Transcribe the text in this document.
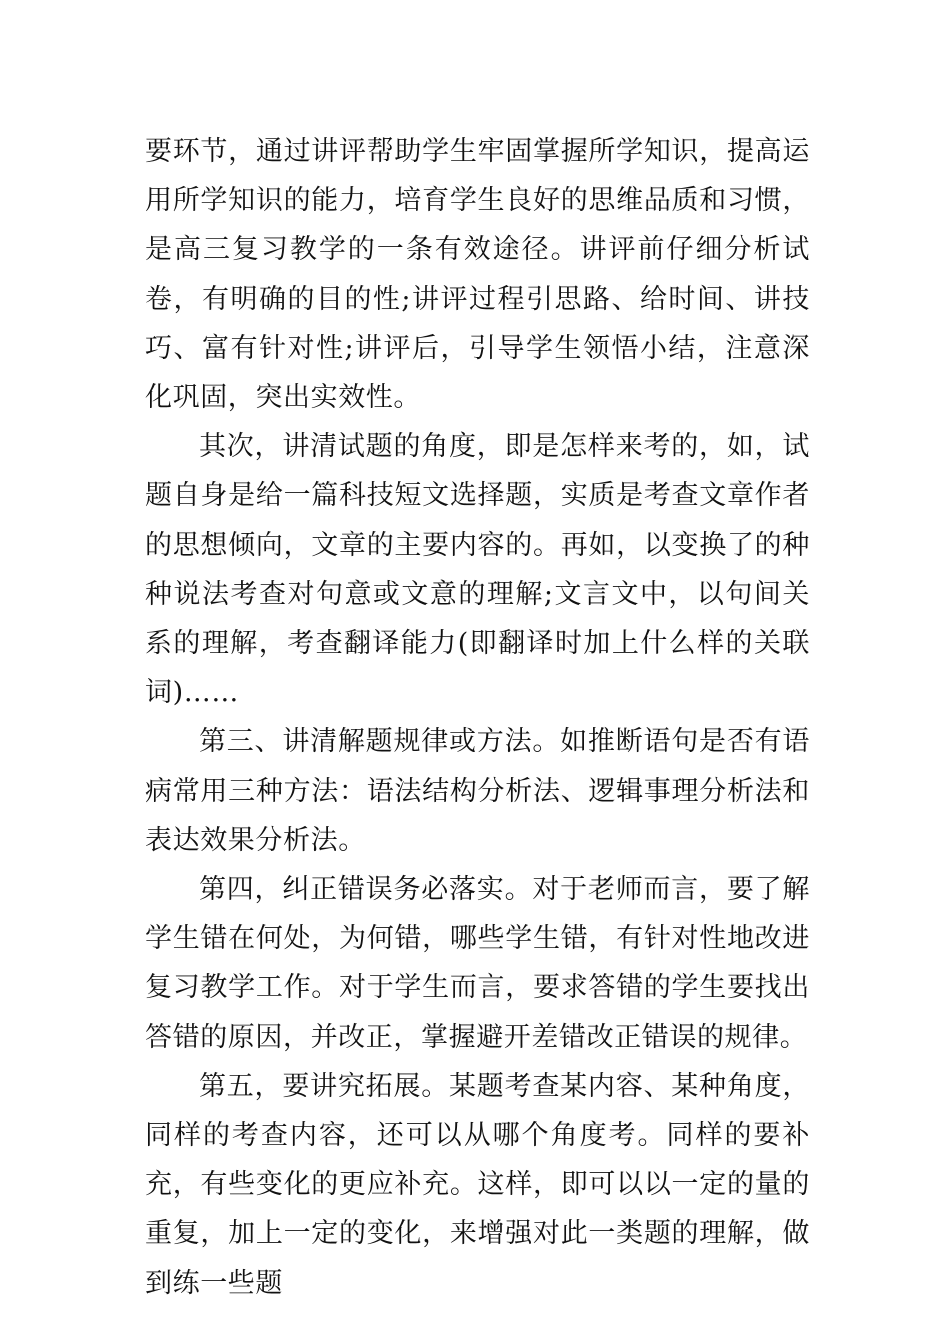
要环节，通过讲评帮助学生牢固掌握所学知识，提高运用所学知识的能力，培育学生良好的思维品质和习惯，是高三复习教学的一条有效途径。讲评前仔细分析试卷，有明确的目的性;讲评过程引思路、给时间、讲技巧、富有针对性;讲评后，引导学生领悟小结，注意深化巩固，突出实效性。

其次，讲清试题的角度，即是怎样来考的，如，试题自身是给一篇科技短文选择题，实质是考查文章作者的思想倾向，文章的主要内容的。再如，以变换了的种种说法考查对句意或文意的理解;文言文中，以句间关系的理解，考查翻译能力(即翻译时加上什么样的关联词)……

第三、讲清解题规律或方法。如推断语句是否有语病常用三种方法：语法结构分析法、逻辑事理分析法和表达效果分析法。

第四，纠正错误务必落实。对于老师而言，要了解学生错在何处，为何错，哪些学生错，有针对性地改进复习教学工作。对于学生而言，要求答错的学生要找出答错的原因，并改正，掌握避开差错改正错误的规律。

第五，要讲究拓展。某题考查某内容、某种角度，同样的考查内容，还可以从哪个角度考。同样的要补充，有些变化的更应补充。这样，即可以以一定的量的重复，加上一定的变化，来增强对此一类题的理解，做到练一些题
